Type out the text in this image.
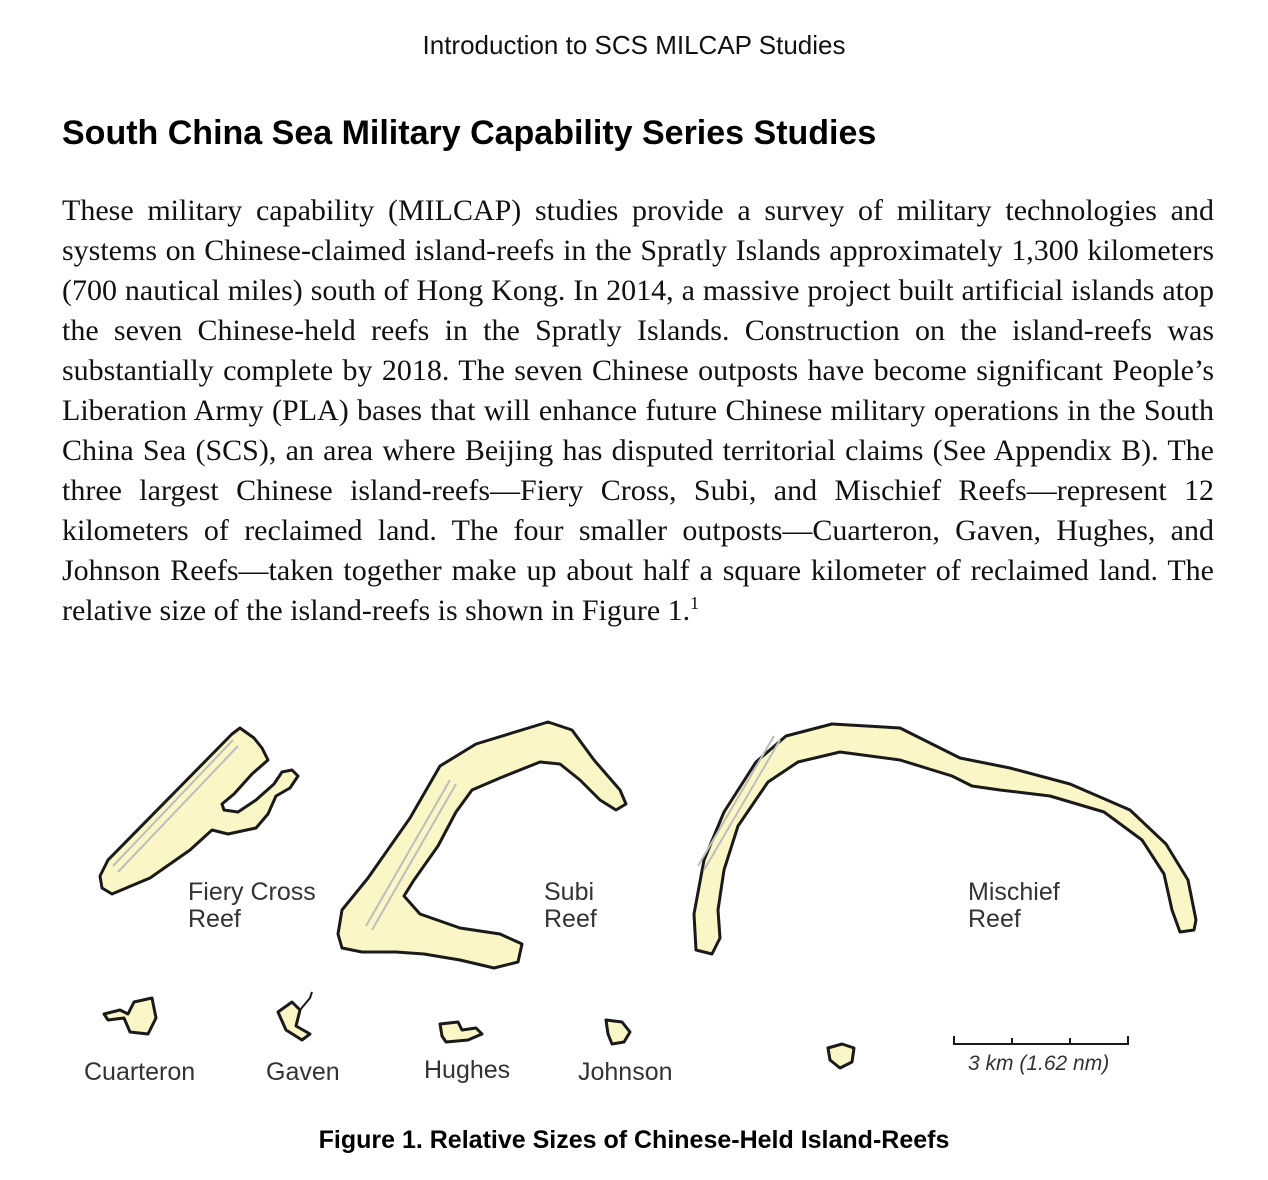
Introduction to SCS MILCAP Studies
South China Sea Military Capability Series Studies

These military capability (MILCAP) studies provide a survey of military technologies and systems on Chinese-claimed island-reefs in the Spratly Islands approximately 1,300 kilometers (700 nautical miles) south of Hong Kong. In 2014, a massive project built artificial islands atop the seven Chinese-held reefs in the Spratly Islands. Construction on the island-reefs was substantially complete by 2018. The seven Chinese outposts have become significant People’s Liberation Army (PLA) bases that will enhance future Chinese military operations in the South China Sea (SCS), an area where Beijing has disputed territorial claims (See Appendix B). The three largest Chinese island-reefs—Fiery Cross, Subi, and Mischief Reefs—represent 12 kilometers of reclaimed land. The four smaller outposts—Cuarteron, Gaven, Hughes, and Johnson Reefs—taken together make up about half a square kilometer of reclaimed land. The relative size of the island-reefs is shown in Figure 1.$^1$

Fiery Cross
Reef
Subi
Reef
Mischief
Reef
Cuarteron	Gaven	Hughes	Johnson	3 km (1.62 nm)
Figure 1. Relative Sizes of Chinese-Held Island-Reefs
